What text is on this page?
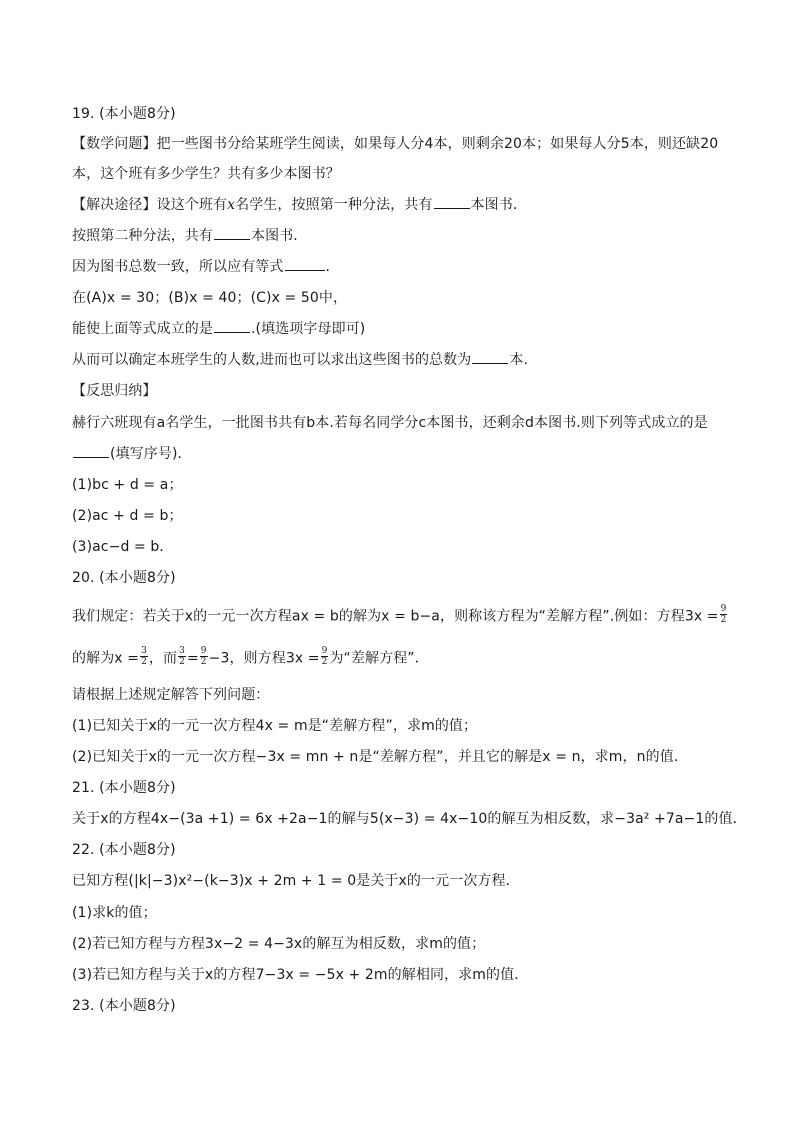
19. (本小题8分)
【数学问题】把一些图书分给某班学生阅读，如果每人分4本，则剩余20本；如果每人分5本，则还缺20
本，这个班有多少学生？共有多少本图书？
【解决途径】设这个班有x名学生，按照第一种分法，共有	本图书．
按照第二种分法，共有	本图书．
因为图书总数一致，所以应有等式	．
在(A)x = 30；(B)x = 40；(C)x = 50中，
能使上面等式成立的是	.(填选项字母即可)
从而可以确定本班学生的人数,进而也可以求出这些图书的总数为	本.
【反思归纳】
赫行六班现有a名学生，一批图书共有b本.若每名同学分c本图书，还剩余d本图书.则下列等式成立的是
(填写序号)．
(1)bc + d = a；
(2)ac + d = b；
(3)ac−d = b．
20. (本小题8分)
我们规定：若关于x的一元一次方程ax = b的解为x = b−a，则称该方程为“差解方程”.例如：方程$3x = \frac{9}{2}$
的解为$x = \frac{3}{2}$ ，而 $\frac{3}{2} = \frac{9}{2} -3$，则方程$3x = \frac{9}{2}$ 为“差解方程”．
请根据上述规定解答下列问题：
(1)已知关于x的一元一次方程4x = m是“差解方程”，求m的值；
(2)已知关于x的一元一次方程−3x = mn + n是“差解方程”，并且它的解是x = n，求m，n的值．
21. (本小题8分)
关于x的方程4x−(3a +1) = 6x +2a−1的解与5(x−3) = 4x−10的解互为相反数，求−3a² +7a−1的值．
22. (本小题8分)
已知方程(|k|−3)x²−(k−3)x + 2m + 1 = 0是关于x的一元一次方程．
(1)求k的值；
(2)若已知方程与方程3x−2 = 4−3x的解互为相反数，求m的值；
(3)若已知方程与关于x的方程7−3x = −5x + 2m的解相同，求m的值．
23. (本小题8分)
